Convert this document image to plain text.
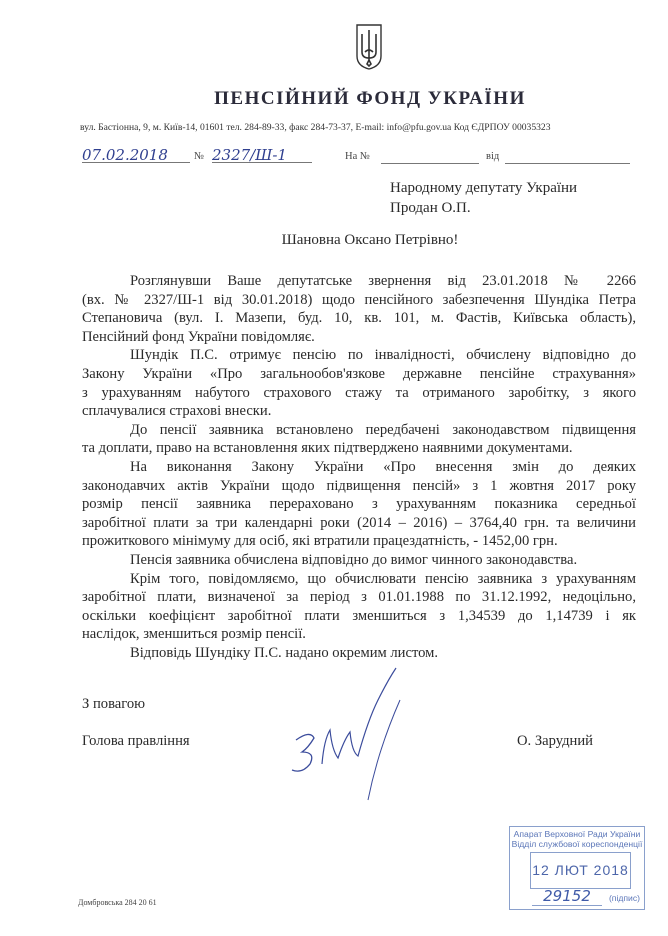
ПЕНСІЙНИЙ ФОНД УКРАЇНИ
вул. Бастіонна, 9, м. Київ-14, 01601 тел. 284-89-33, факс 284-73-37, E-mail: info@pfu.gov.ua Код ЄДРПОУ 00035323
07.02.2018	№ 2327/Ш-1	На №	від
Народному депутату України
Продан О.П.
Шановна Оксано Петрівно!
Розглянувши Ваше депутатське звернення від 23.01.2018 № 2266
(вх. № 2327/Ш-1 від 30.01.2018) щодо пенсійного забезпечення Шундіка Петра
Степановича (вул. І. Мазепи, буд. 10, кв. 101, м. Фастів, Київська область),
Пенсійний фонд України повідомляє.
Шундік П.С. отримує пенсію по інвалідності, обчислену відповідно до
Закону України «Про загальнообов'язкове державне пенсійне страхування»
з урахуванням набутого страхового стажу та отриманого заробітку, з якого
сплачувалися страхові внески.
До пенсії заявника встановлено передбачені законодавством підвищення
та доплати, право на встановлення яких підтверджено наявними документами.
На виконання Закону України «Про внесення змін до деяких
законодавчих актів України щодо підвищення пенсій» з 1 жовтня 2017 року
розмір пенсії заявника перераховано з урахуванням показника середньої
заробітної плати за три календарні роки (2014 – 2016) – 3764,40 грн. та величини
прожиткового мінімуму для осіб, які втратили працездатність, - 1452,00 грн.
Пенсія заявника обчислена відповідно до вимог чинного законодавства.
Крім того, повідомляємо, що обчислювати пенсію заявника з урахуванням
заробітної плати, визначеної за період з 01.01.1988 по 31.12.1992, недоцільно,
оскільки коефіцієнт заробітної плати зменшиться з 1,34539 до 1,14739 і як
наслідок, зменшиться розмір пенсії.
Відповідь Шундіку П.С. надано окремим листом.
З повагою
Голова правління	О. Зарудний
Домбровська 284 20 61
Апарат Верховної Ради України
Відділ службової кореспонденції
12 ЛЮТ 2018
29152	(підпис)
